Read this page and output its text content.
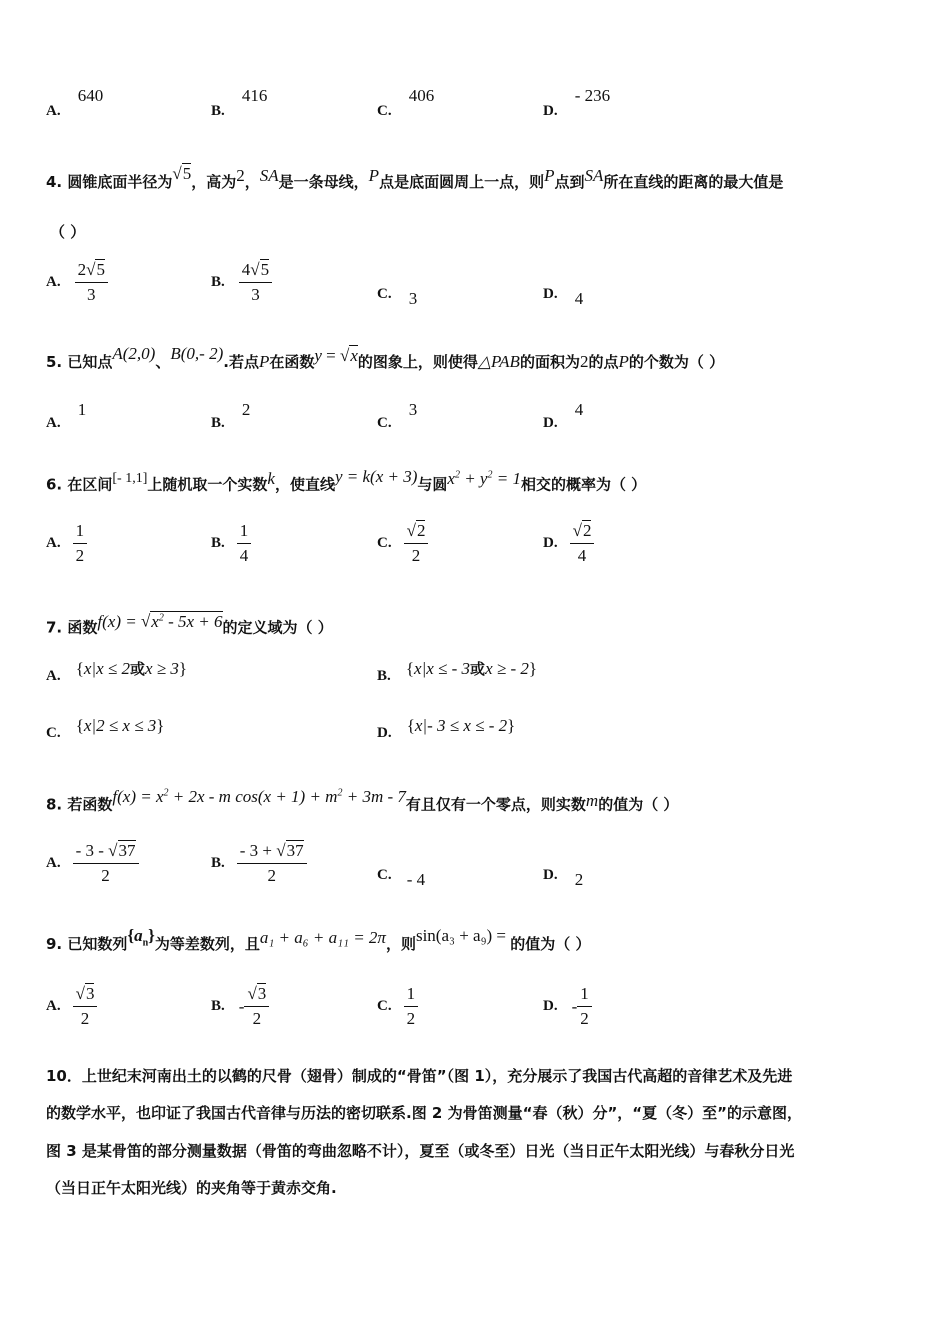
A. 640
B. 416
C. 406
D. - 236
4. 圆锥底面半径为√5，高为2，SA是一条母线，P点是底面圆周上一点，则P点到SA所在直线的距离的最大值是
（ ）
A. $\frac{2√5}{3}$	B. $\frac{4√5}{3}$	C. 3	D. 4
5. 已知点A(2,0)、B(0,- 2).若点P在函数y = √x的图象上，则使得△PAB的面积为2的点P的个数为（ ）
A. 1
B. 2
C. 3
D. 4
6. 在区间[- 1,1]上随机取一个实数k，使直线y = k(x + 3)与圆$x^2 + y^2 = 1$相交的概率为（ ）
A. $\frac{1}{2}$	B. $\frac{1}{4}$	C. $\frac{√2}{2}$	D. $\frac{√2}{4}$
7. 函数$f(x) = √x^2 - 5x + 6$的定义域为（ ）
A. {x|x ≤ 2或x ≥ 3}	B. {x|x ≤ - 3或x ≥ - 2}
C. {x|2 ≤ x ≤ 3}	D. {x|- 3 ≤ x ≤ - 2}
8. 若函数$f(x) = x^2 + 2x - m$ $\cos(x + 1) + m^2 + 3m - 7$有且仅有一个零点，则实数m的值为（ ）
A. $\frac{- 3 - √37}{2}$	B. $\frac{- 3 + √37}{2}$	C. - 4	D. 2
9. 已知数列$\{a_n\}$为等差数列，且a₁ + a₆ + a₁₁ = 2π，则sin(a₃ + a₉) = 的值为（ ）
A. $\frac{√3}{2}$	B. - $\frac{√3}{2}$	C. $\frac{1}{2}$	D. - $\frac{1}{2}$
10．上世纪末河南出土的以鹤的尺骨（翅骨）制成的“骨笛”（图 1），充分展示了我国古代高超的音律艺术及先进
的数学水平，也印证了我国古代音律与历法的密切联系.图 2 为骨笛测量“春（秋）分”，“夏（冬）至”的示意图，
图 3 是某骨笛的部分测量数据（骨笛的弯曲忽略不计），夏至（或冬至）日光（当日正午太阳光线）与春秋分日光
（当日正午太阳光线）的夹角等于黄赤交角.
